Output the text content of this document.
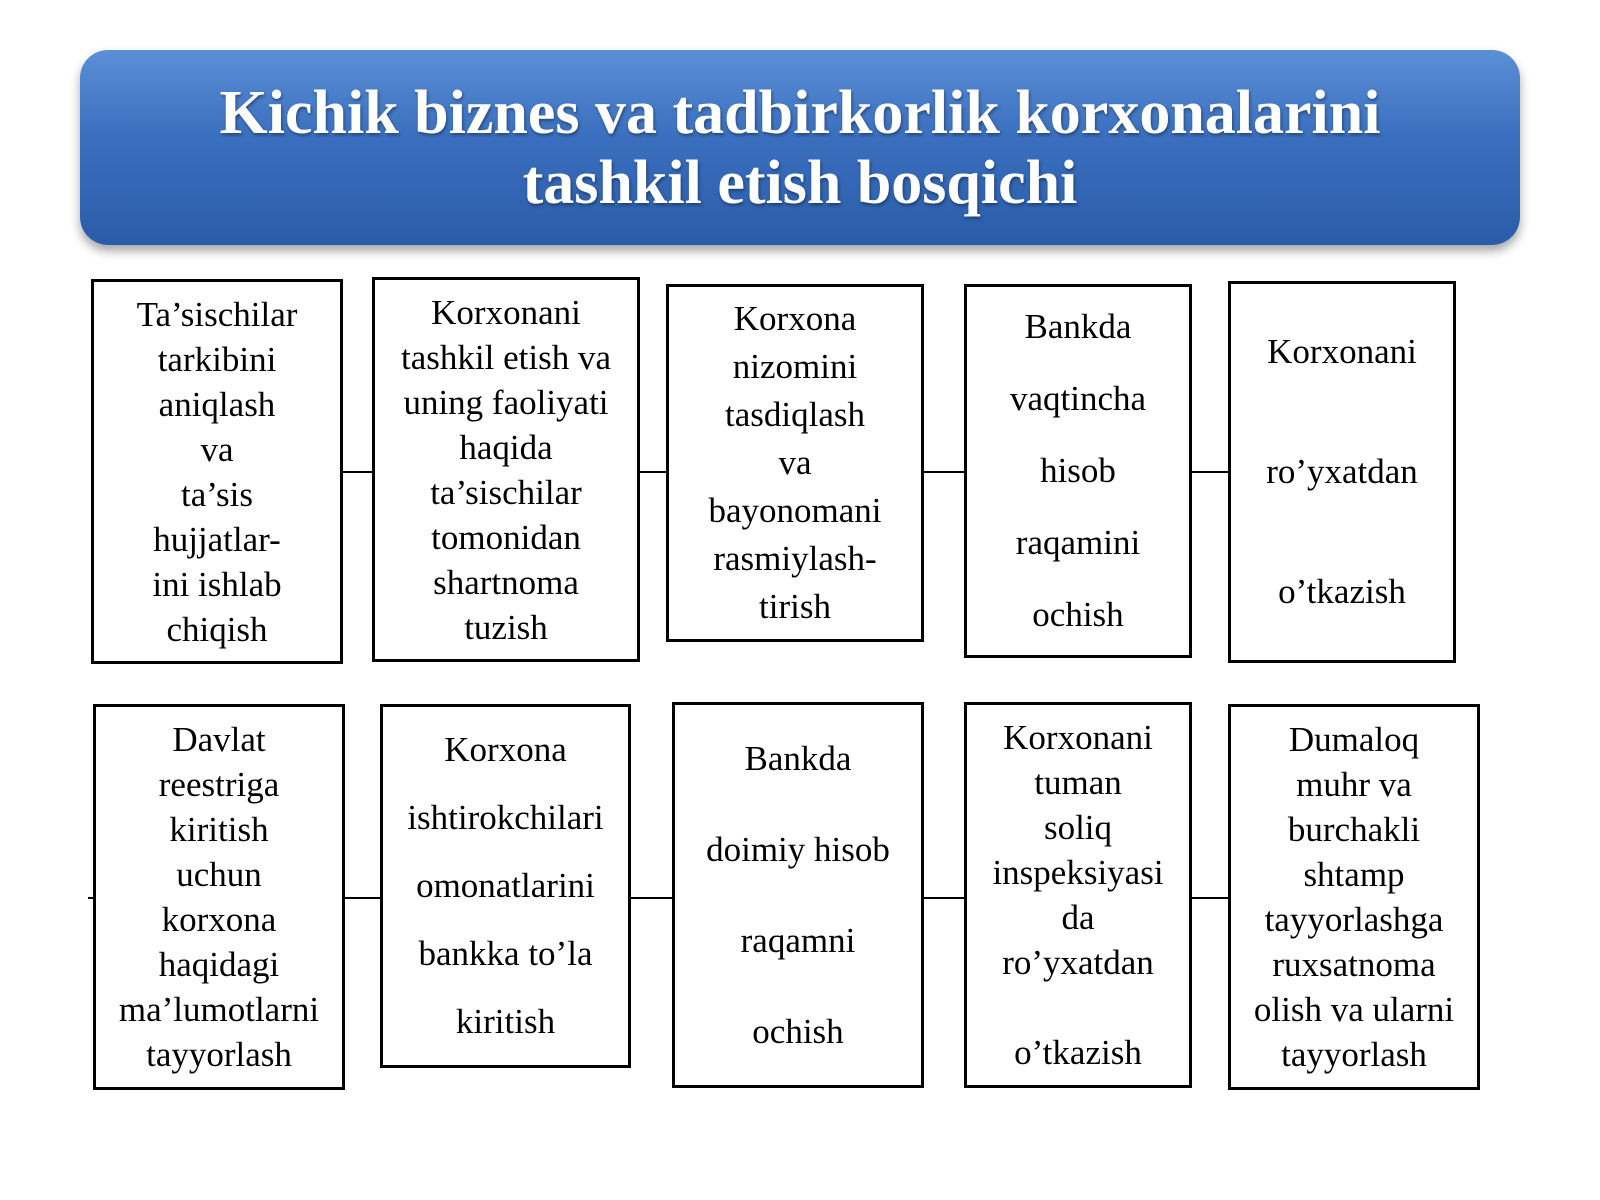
Kichik biznes va tadbirkorlik korxonalarini
tashkil etish bosqichi
Ta’sischilar
tarkibini
aniqlash
va
ta’sis
hujjatlar-
ini ishlab
chiqish
Korxonani
tashkil etish va
uning faoliyati
haqida
ta’sischilar
tomonidan
shartnoma
tuzish
Korxona
nizomini
tasdiqlash
va
bayonomani
rasmiylash-
tirish
Bankda
vaqtincha
hisob
raqamini
ochish
Korxonani

ro’yxatdan

o’tkazish
Davlat
reestriga
kiritish
uchun
korxona
haqidagi
ma’lumotlarni
tayyorlash
Korxona
ishtirokchilari
omonatlarini
bankka to’la
kiritish
Bankda
doimiy hisob
raqamni
ochish
Korxonani
tuman
soliq
inspeksiyasi
da
ro’yxatdan

o’tkazish
Dumaloq
muhr va
burchakli
shtamp
tayyorlashga
ruxsatnoma
olish va ularni
tayyorlash
